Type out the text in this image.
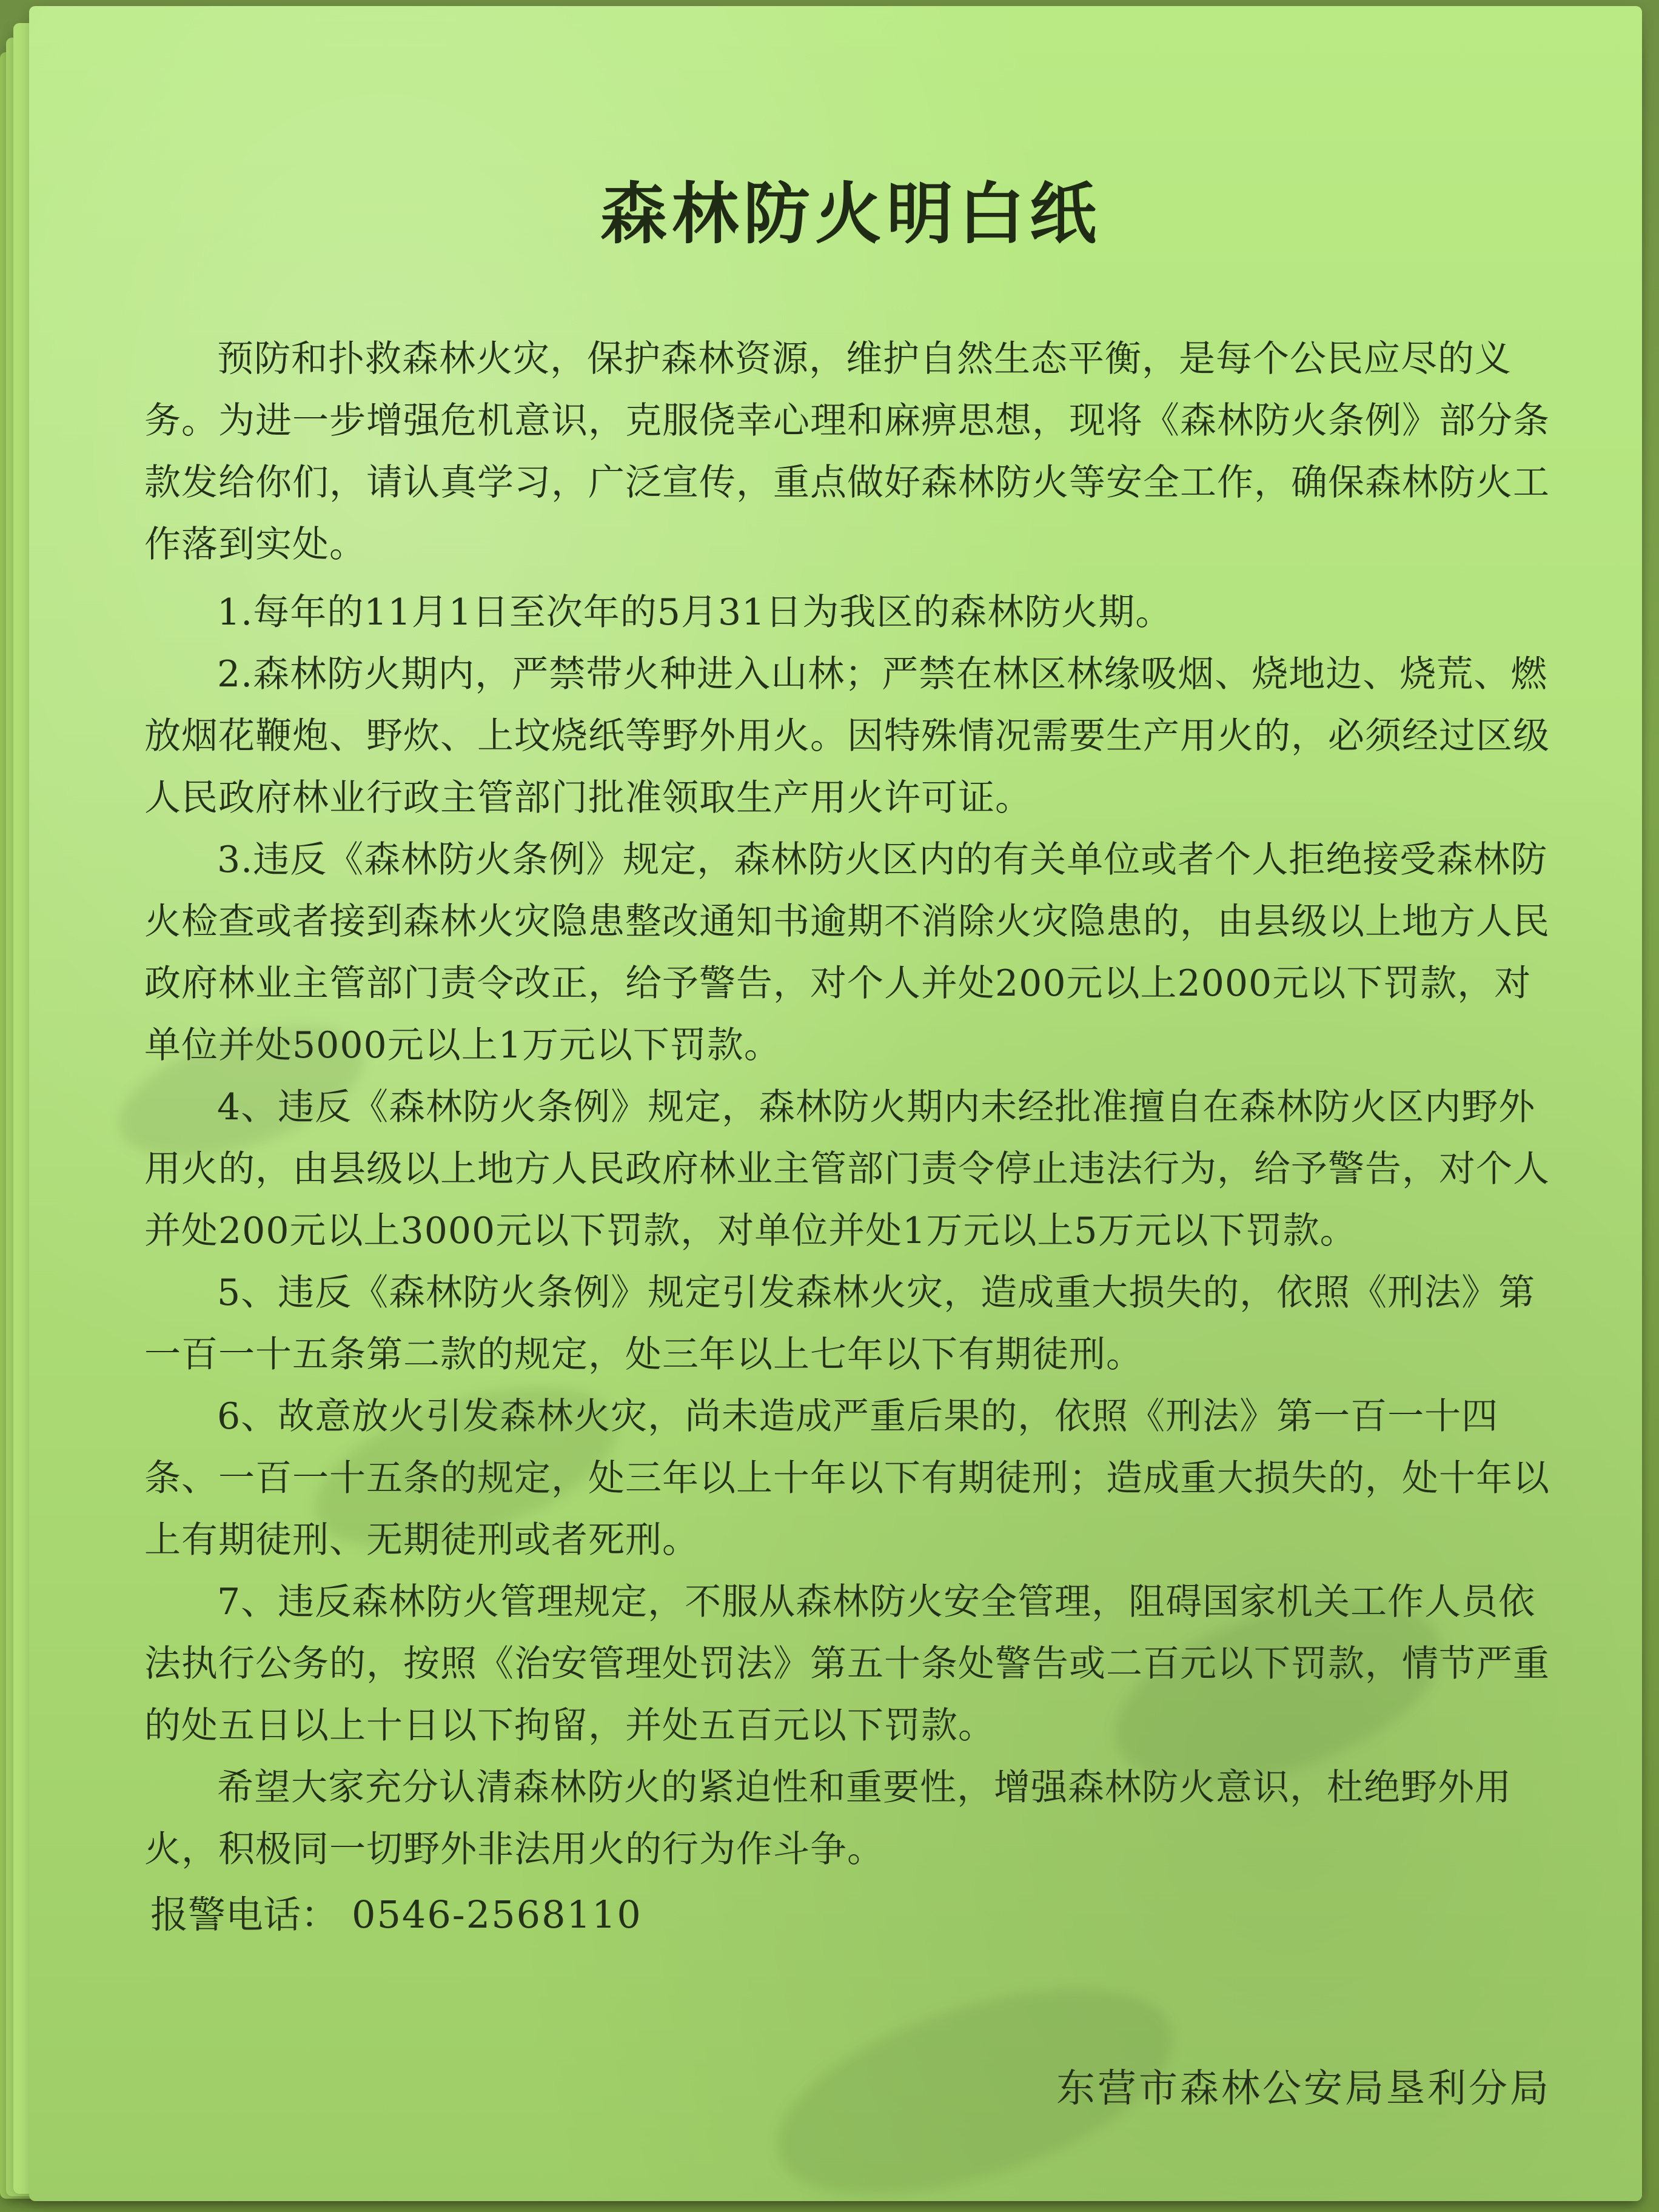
森林防火明白纸

预防和扑救森林火灾，保护森林资源，维护自然生态平衡，是每个公民应尽的义务。为进一步增强危机意识，克服侥幸心理和麻痹思想，现将《森林防火条例》部分条款发给你们，请认真学习，广泛宣传，重点做好森林防火等安全工作，确保森林防火工作落到实处。

1.每年的11月1日至次年的5月31日为我区的森林防火期。

2.森林防火期内，严禁带火种进入山林；严禁在林区林缘吸烟、烧地边、烧荒、燃放烟花鞭炮、野炊、上坟烧纸等野外用火。因特殊情况需要生产用火的，必须经过区级人民政府林业行政主管部门批准领取生产用火许可证。

3.违反《森林防火条例》规定，森林防火区内的有关单位或者个人拒绝接受森林防火检查或者接到森林火灾隐患整改通知书逾期不消除火灾隐患的，由县级以上地方人民政府林业主管部门责令改正，给予警告，对个人并处200元以上2000元以下罚款，对单位并处5000元以上1万元以下罚款。

4、违反《森林防火条例》规定，森林防火期内未经批准擅自在森林防火区内野外用火的，由县级以上地方人民政府林业主管部门责令停止违法行为，给予警告，对个人并处200元以上3000元以下罚款，对单位并处1万元以上5万元以下罚款。

5、违反《森林防火条例》规定引发森林火灾，造成重大损失的，依照《刑法》第一百一十五条第二款的规定，处三年以上七年以下有期徒刑。

6、故意放火引发森林火灾，尚未造成严重后果的，依照《刑法》第一百一十四条、一百一十五条的规定，处三年以上十年以下有期徒刑；造成重大损失的，处十年以上有期徒刑、无期徒刑或者死刑。

7、违反森林防火管理规定，不服从森林防火安全管理，阻碍国家机关工作人员依法执行公务的，按照《治安管理处罚法》第五十条处警告或二百元以下罚款，情节严重的处五日以上十日以下拘留，并处五百元以下罚款。

希望大家充分认清森林防火的紧迫性和重要性，增强森林防火意识，杜绝野外用火，积极同一切野外非法用火的行为作斗争。

报警电话： 0546-2568110
东营市森林公安局垦利分局
